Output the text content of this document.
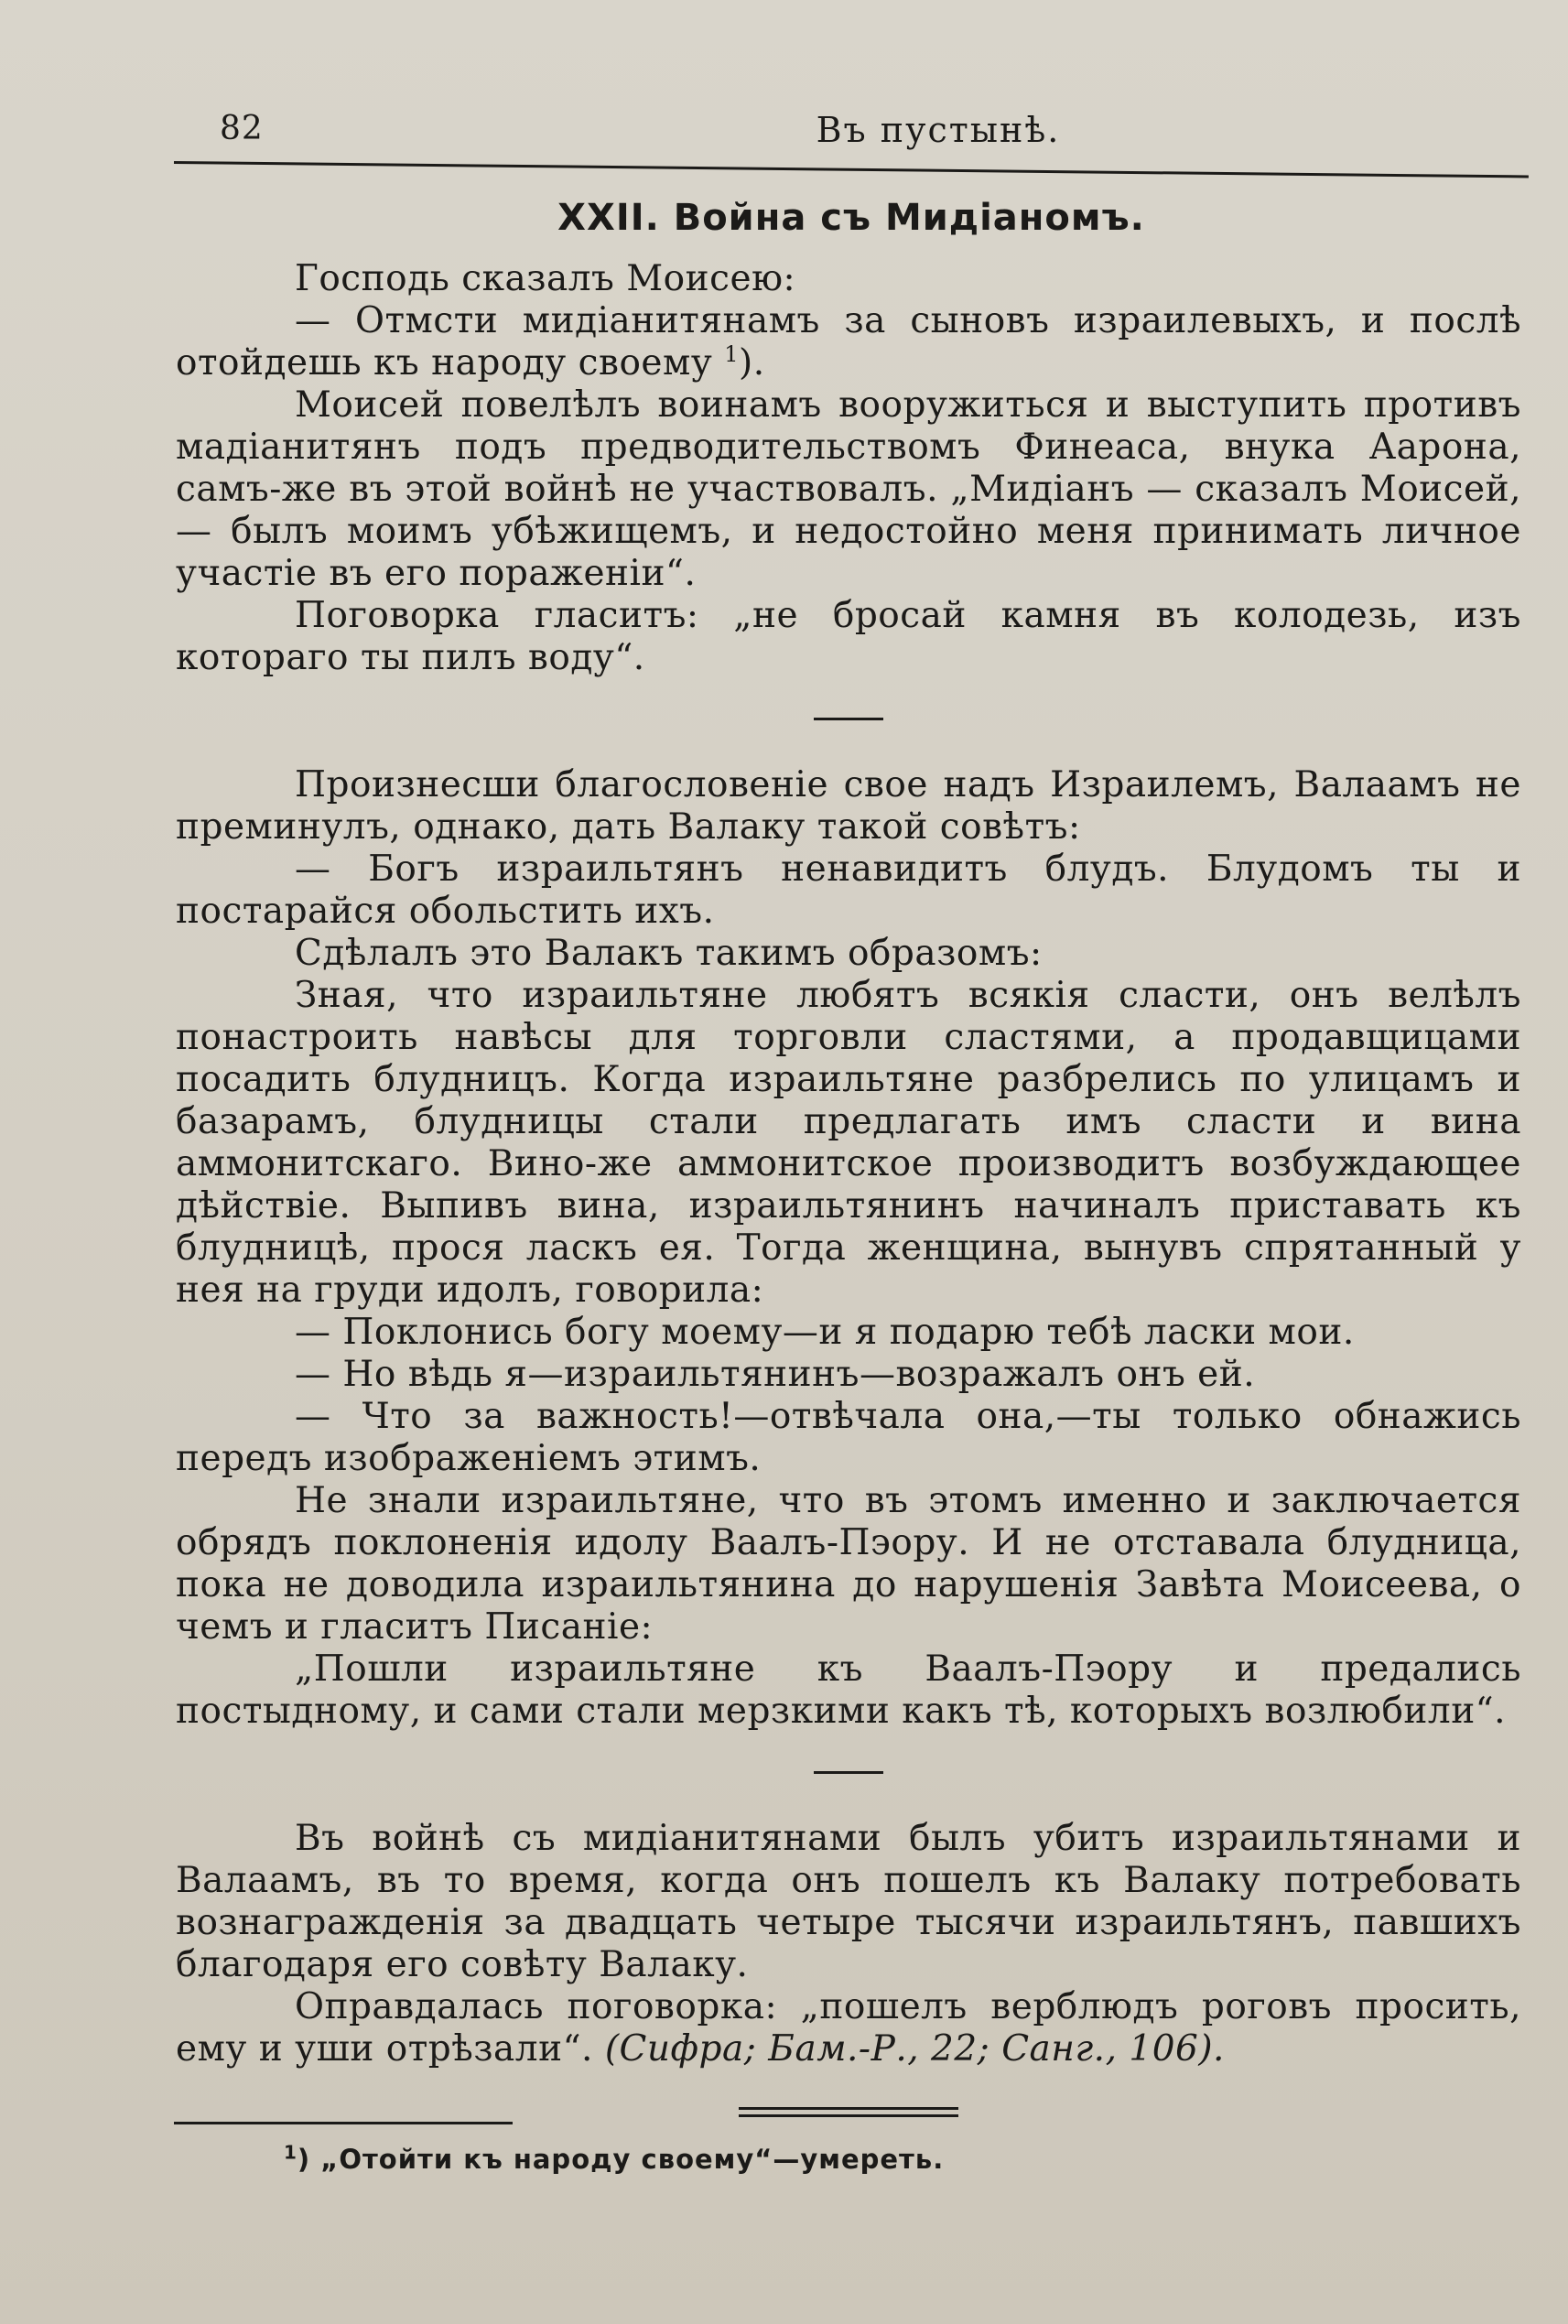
82	Въ пустынѣ.
XXII. Война съ Мидіаномъ.

Господь сказалъ Моисею:

— Отмсти мидіанитянамъ за сыновъ израилевыхъ, и послѣ отойдешь къ народу своему $^1$).

Моисей повелѣлъ воинамъ вооружиться и выступить противъ мадіанитянъ подъ предводительствомъ Финеаса, внука Аарона, самъ-же въ этой войнѣ не участвовалъ. „Мидіанъ — сказалъ Моисей, — былъ моимъ убѣжищемъ, и недостойно меня принимать личное участіе въ его пораженіи“.

Поговорка гласитъ: „не бросай камня въ колодезь, изъ котораго ты пилъ воду“.

Произнесши благословеніе свое надъ Израилемъ, Валаамъ не преминулъ, однако, дать Валаку такой совѣтъ:

— Богъ израильтянъ ненавидитъ блудъ. Блудомъ ты и постарайся обольстить ихъ.

Сдѣлалъ это Валакъ такимъ образомъ:

Зная, что израильтяне любятъ всякія сласти, онъ велѣлъ понастроить навѣсы для торговли сластями, а продавщицами посадить блудницъ. Когда израильтяне разбрелись по улицамъ и базарамъ, блудницы стали предлагать имъ сласти и вина аммонитскаго. Вино-же аммонитское производитъ возбуждающее дѣйствіе. Выпивъ вина, израильтянинъ начиналъ приставать къ блудницѣ, прося ласкъ ея. Тогда женщина, вынувъ спрятанный у нея на груди идолъ, говорила:

— Поклонись богу моему—и я подарю тебѣ ласки мои.

— Но вѣдь я—израильтянинъ—возражалъ онъ ей.

— Что за важность!—отвѣчала она,—ты только обнажись передъ изображеніемъ этимъ.

Не знали израильтяне, что въ этомъ именно и заключается обрядъ поклоненія идолу Ваалъ-Пэору. И не отставала блудница, пока не доводила израильтянина до нарушенія Завѣта Моисеева, о чемъ и гласитъ Писаніе:

„Пошли израильтяне къ Ваалъ-Пэору и предались постыдному, и сами стали мерзкими какъ тѣ, которыхъ возлюбили“.

Въ войнѣ съ мидіанитянами былъ убитъ израильтянами и Валаамъ, въ то время, когда онъ пошелъ къ Валаку потребовать вознагражденія за двадцать четыре тысячи израильтянъ, павшихъ благодаря его совѣту Валаку.

Оправдалась поговорка: „пошелъ верблюдъ роговъ просить, ему и уши отрѣзали“. (Сифра; Бам.-Р., 22; Санг., 106).

$^1$) „Отойти къ народу своему“—умереть.
